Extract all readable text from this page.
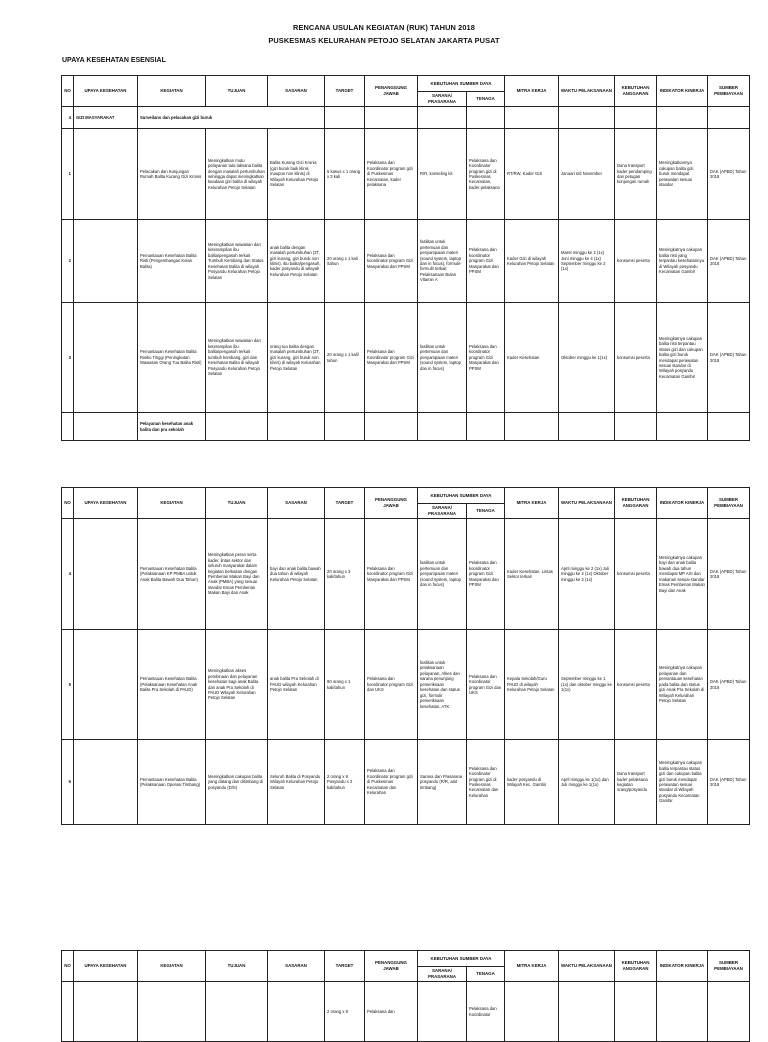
RENCANA USULAN KEGIATAN (RUK) TAHUN 2018
PUSKESMAS KELURAHAN PETOJO SELATAN JAKARTA PUSAT
UPAYA KESEHATAN ESENSIAL
NO	UPAYA KESEHATAN	KEGIATAN	TUJUAN	SASARAN	TARGET	PENANGGUNG JAWAB	KEBUTUHAN SUMBER DAYA		MITRA KERJA	WAKTU PELAKSANAAN	KEBUTUHAN ANGGARAN	INDIKATOR KINERJA	SUMBER PEMBIAYAAN
							SARANA/ PRASARANA	TENAGA					
4	GIZI MASYARAKAT	Surveilans dan pelacakan gizi buruk											
1		Pelacakan dan Kunjungan Rumah Balita Kurang Gizi Kronis	Meningkatkan mutu pelayanan tata laksana balita dengan masalah pertumbuhan sehingga dapat meningkatkan keadaan gizi balita di wilayah Kelurahan Petojo Selatan	Balita Kurang Gizi Kronis (gizi buruk baik klinis maupun non klinis) di Wilayah Kelurahan Petojo Selatan	5 kasus x 1 orang x 3 kali	Pelaksana dan Koordinator program gizi di Puskesmas Kecamatan, kader pelaksana	R/R, konseling kit	Pelaksana dan Koordinator program gizi di Puskesmas Kecamatan, kader pelaksana	RT/RW, Kader Gizi	Januari s/d November	Dana transport kader pendamping dan petugas kunjungan rumah	Meningkatkannya cakupan balita gizi buruk mendapat perawatan sesuai standar	DAK (APBD) Tahun 2018
2		Pemantauan Kesehatan Balita Risti (Pengembangan Kelas Balita)	Meningkatkan wawasan dan keterampilan ibu balita/pengasuh terkait Tumbuh Kembang dan Status Kesehatan Balita di wilayah Posyandu Kelurahan Petojo Selatan	anak balita dengan masalah pertumbuhan (2T, gizi kurang, gizi buruk non klinis), ibu balita/pengasuh, kader posyandu di wilayah Kelurahan Petojo Selatan	20 orang x 1 kali /tahun	Pelaksana dan koordinator program Gizi Masyarakat dan PPSM	fasilitas untuk pertemuan dan penyampaian materi (sound system, laptop dan in focus), formulir-formulir terkait Pelaksanaan Bulan Vitamin A	Pelaksana dan koordinator program Gizi Masyarakat dan PPSM	Kader Gizi di wilayah Kelurahan Petojo Selatan	Maret minggu ke 2 (1x) Juni minggu ke 4 (1x) September minggu ke 2 (1x)	konsumsi peserta	Meningkatnya cakupan balita risti yang terpantau kesehatannya di Wilayah posyandu Kecamatan Gambir	DAK (APBD) Tahun 2018
3		Pemantauan Kesehatan Balita Risiko Tinggi (Peningkatan Wawasan Orang Tua Balita Risti)	Meningkatkan wawasan dan keterampilan ibu balita/pengasuh terkait tumbuh kembang, gizi dan Kesehatan Balita di wilayah Posyandu Kelurahan Petojo Selatan	orang tua balita dengan masalah pertumbuhan (2T, gizi kurang, gizi buruk non klinis) di wilayah Kelurahan Petojo Selatan	20 orang x 1 kali/ tahun	Pelaksana dan Koordinator program Gizi Masyarakat dan PPSM	fasilitas untuk pertemuan dan penyampaian materi (sound system, laptop dan in focus)	Pelaksana dan koordinator program Gizi Masyarakat dan PPSM	Kader Kesehatan	Oktober minggu ke 1(1x)	konsumsi peserta	Meningkatnya cakupan balita risti terpantau status gizi dan cakupan balita gizi buruk mendapat perawatan sesuai standar di Wilayah posyandu Kecamatan Gambir	DAK (APBD) Tahun 2018
		Pelayanan kesehatan anak balita dan pra sekolah											
NO	UPAYA KESEHATAN	KEGIATAN	TUJUAN	SASARAN	TARGET	PENANGGUNG JAWAB	KEBUTUHAN SUMBER DAYA		MITRA KERJA	WAKTU PELAKSANAAN	KEBUTUHAN ANGGARAN	INDIKATOR KINERJA	SUMBER PEMBIAYAAN
							SARANA/ PRASARANA	TENAGA					
4		Pemantauan Kesehatan Balita (Pelaksanaan KP PMBA untuk Anak Balita Bawah Dua Tahun)	Meningkatkan peran serta kader, lintas sektor dan seluruh masyarakat dalam kegiatan berkaitan dengan Pemberian Makan Bayi dan Anak (PMBA) yang sesuai standar Emas Pemberian Makan Bayi dan Anak	bayi dan anak balita bawah dua tahun di wilayah Kelurahan Petojo Selatan	20 orang x 3 kali/tahun	Pelaksana dan koordinator program Gizi Masyarakat dan PPSM	fasilitas untuk pertemuan dan penyampaian materi (sound system, laptop dan in focus)	Pelaksana dan koordinator program Gizi Masyarakat dan PPSM	Kader Kesehatan, Lintas Sektor terkait	April minggu ke 2 (1x) Juli minggu ke 2 (1x) Oktober minggu ke 2 (1x)	konsumsi peserta	Meningkatnya cakupan bayi dan anak balita bawah dua tahun mendapat MP ASI dan makanan sesuai standar Emas Pemberian Makan Bayi dan Anak	DAK (APBD) Tahun 2018
5		Pemantauan Kesehatan Balita (Pelaksanaan Kesehatan Anak Balita Pra Sekolah di PAUD)	Meningkatkan akses pembinaan dan pelayanan kesehatan bagi anak Balita dan anak Pra Sekolah di PAUD Wilayah Kelurahan Petojo Selatan	anak balita Pra Sekolah di PAUD wilayah Kelurahan Petojo Selatan	80 orang x 1 kali/tahun	Pelaksana dan koordinator program Gizi dan UKS	fasilitas untuk pelaksanaan pelayanan, Alkes dan sarana penunjang pemeriksaan kesehatan dan status gizi, formulir pemeriksaan kesehatan, ATK	Pelaksana dan Koordinator program Gizi dan UKS	Kepala Sekolah/Guru PAUD di wilayah Kelurahan Petojo Selatan	September minggu ke 1 (1x) dan oktober minggu ke 1(1x)	konsumsi peserta	Meningkatnya cakupan pelayanan dan pemantauan kesehatan pada balita dan status gizi Anak Pra Sekolah di Wilayah Kelurahan Petojo Selatan	DAK (APBD) Tahun 2018
6		Pemantauan Kesehatan Balita (Pelaksanaan Operasi Timbang)	Meningkatkan cakupan balita yang datang dan ditimbang di posyandu (D/S)	Seluruh Balita di Posyandu Wilayah Kelurahan Petojo Selatan	2 orang x 9 Posyandu x 2 kali/tahun	Pelaksana dan Koordinator program gizi di Puskesmas Kecamatan dan Kelurahan	Sarana dan Prasarana posyandu (R/R, alat timbang)	Pelaksana dan Koordinator program gizi di Puskesmas Kecamatan dan Kelurahan	kader posyandu di Wilayah Kec. Gambir	April minggu ke 1(1x) dan Juli minggu ke 1(1x)	Dana transport kader pelaksana kegiatan orang/posyandu	Meningkatnya cakupan balita terpantau status gizi dan cakupan balita gizi buruk mendapat perawatan sesuai standar di Wilayah posyandu Kecamatan Gambir	DAK (APBD) Tahun 2018
NO	UPAYA KESEHATAN	KEGIATAN	TUJUAN	SASARAN	TARGET	PENANGGUNG JAWAB	KEBUTUHAN SUMBER DAYA		MITRA KERJA	WAKTU PELAKSANAAN	KEBUTUHAN ANGGARAN	INDIKATOR KINERJA	SUMBER PEMBIAYAAN
							SARANA/ PRASARANA	TENAGA					
					2 orang x 9	Pelaksana dan		Pelaksana dan Koordinator					
